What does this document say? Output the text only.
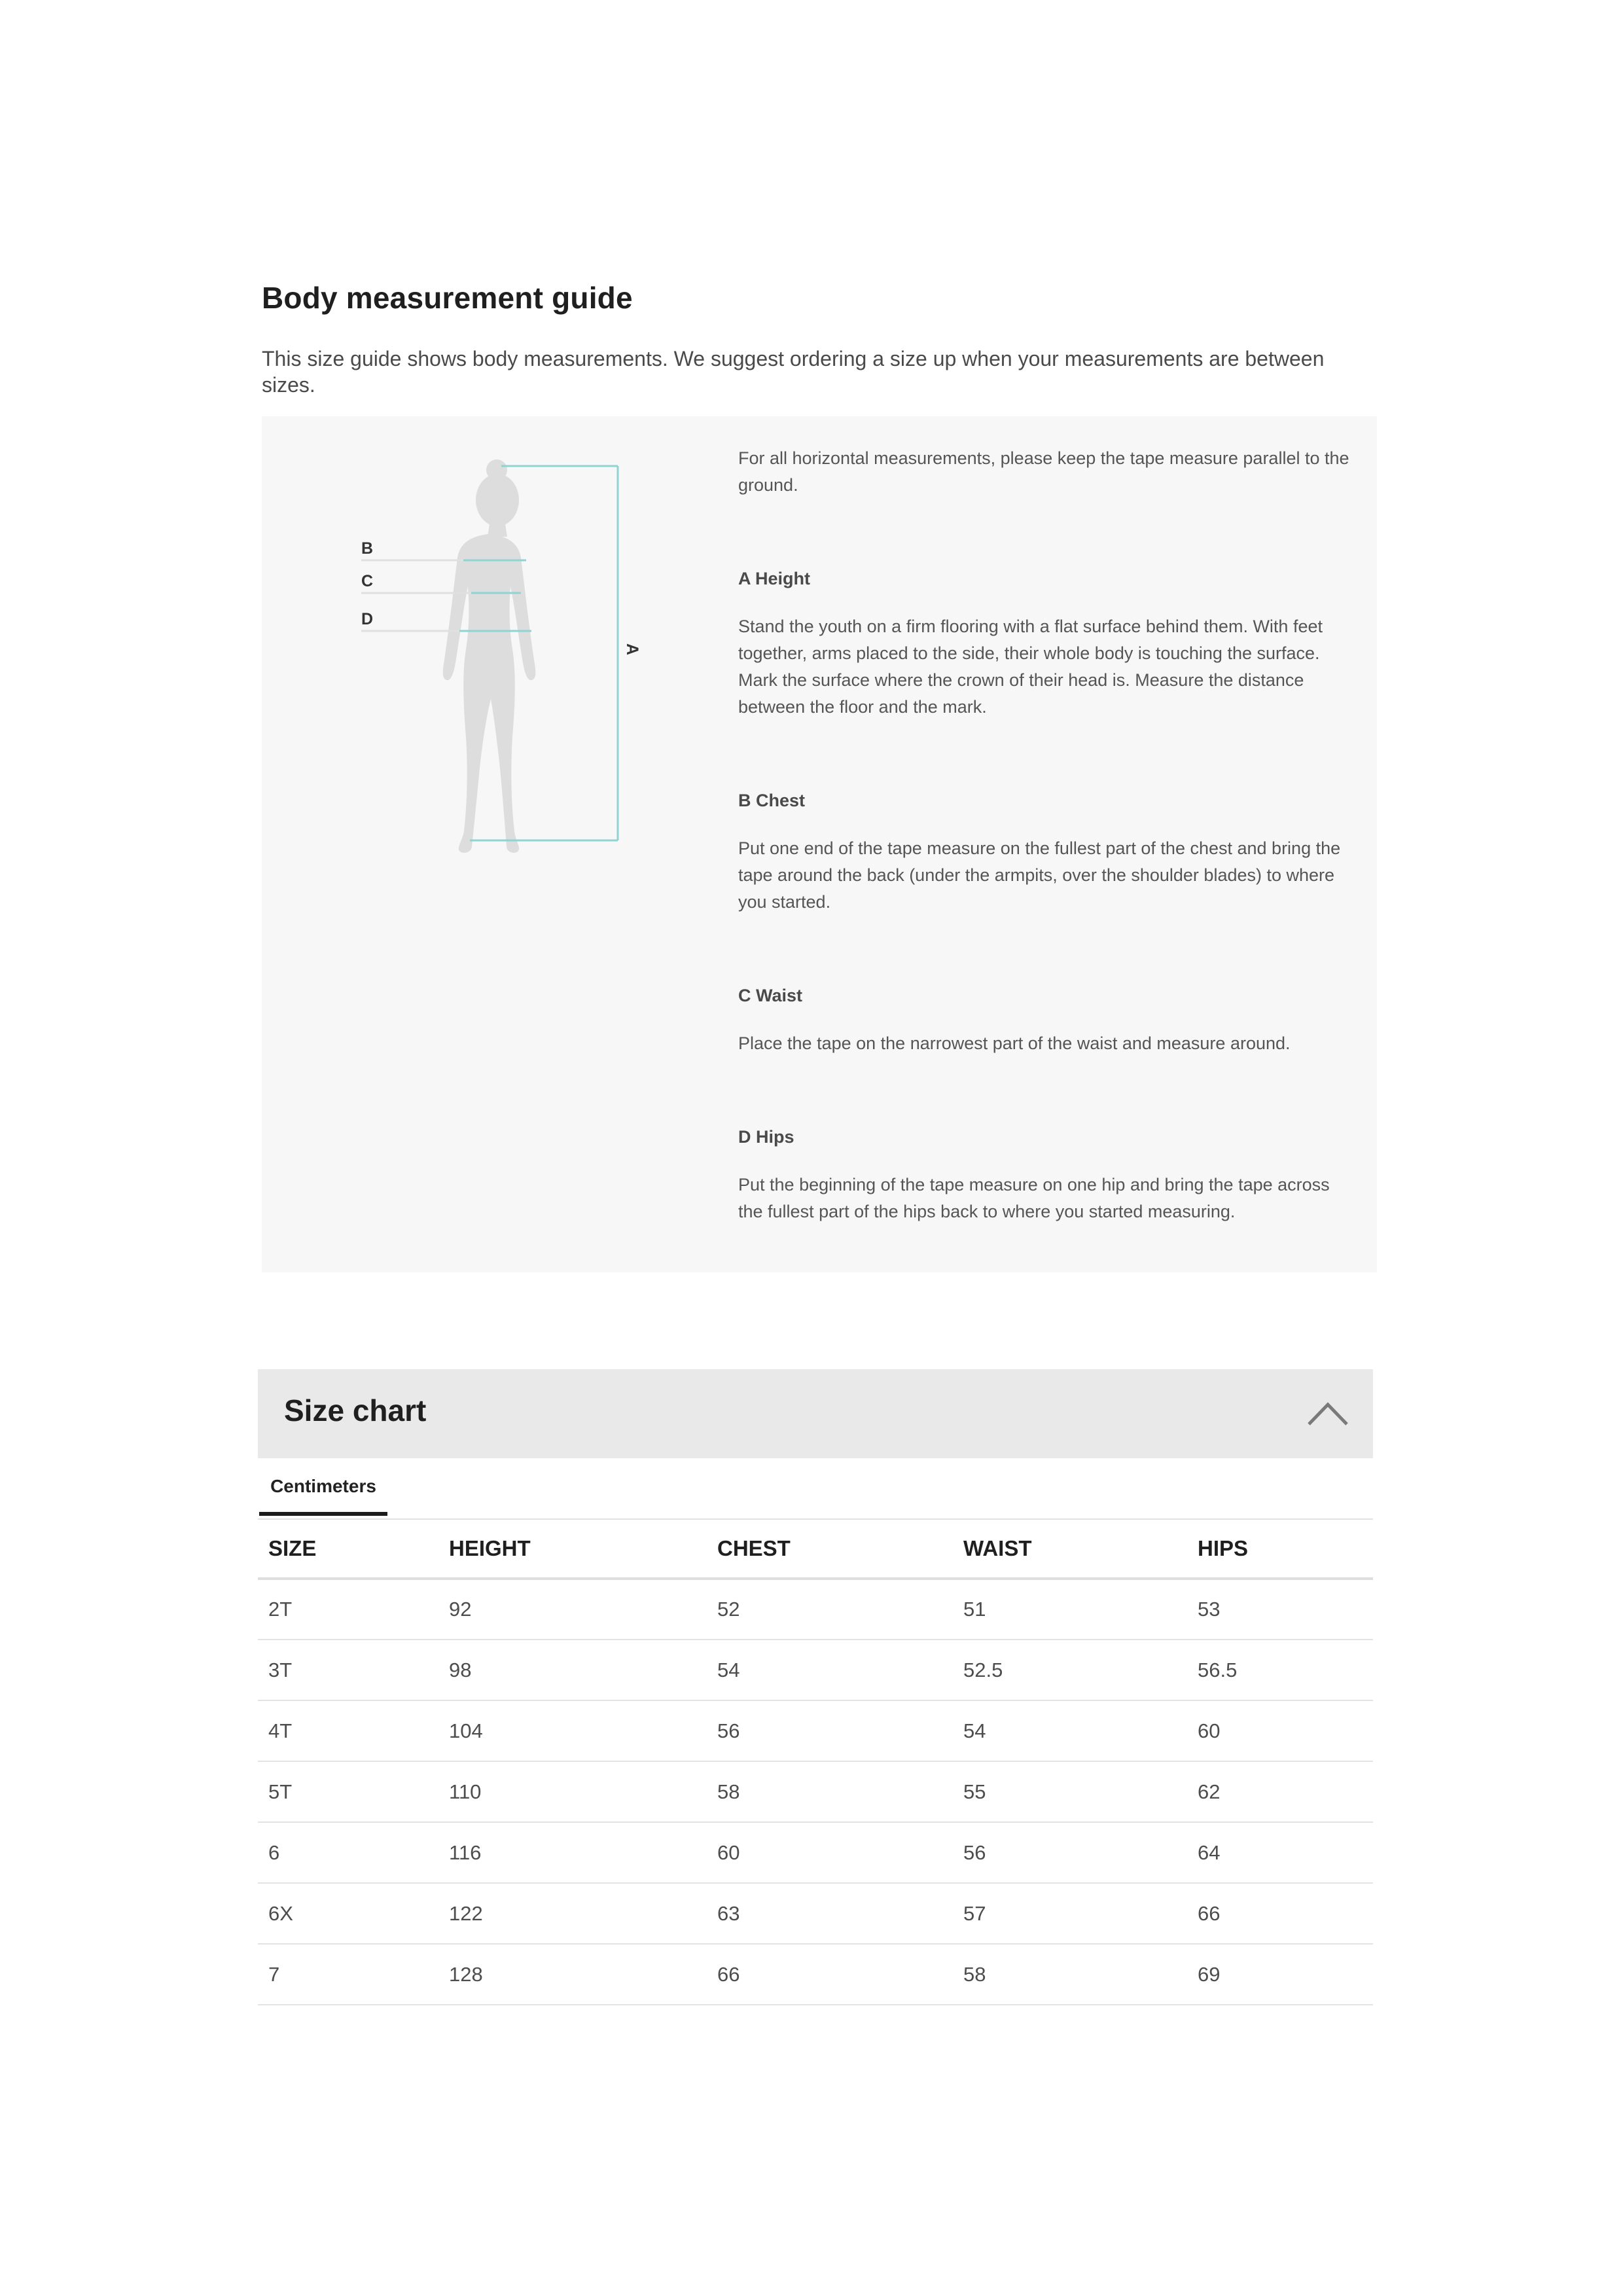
Body measurement guide

This size guide shows body measurements. We suggest ordering a size up when your measurements are between sizes.

B
C
D
A

For all horizontal measurements, please keep the tape measure parallel to the ground.

A Height

Stand the youth on a firm flooring with a flat surface behind them. With feet together, arms placed to the side, their whole body is touching the surface. Mark the surface where the crown of their head is. Measure the distance between the floor and the mark.

B Chest

Put one end of the tape measure on the fullest part of the chest and bring the tape around the back (under the armpits, over the shoulder blades) to where you started.

C Waist

Place the tape on the narrowest part of the waist and measure around.

D Hips

Put the beginning of the tape measure on one hip and bring the tape across the fullest part of the hips back to where you started measuring.

Size chart
Centimeters
SIZE	HEIGHT	CHEST	WAIST	HIPS
2T	92	52	51	53
3T	98	54	52.5	56.5
4T	104	56	54	60
5T	110	58	55	62
6	116	60	56	64
6X	122	63	57	66
7	128	66	58	69
